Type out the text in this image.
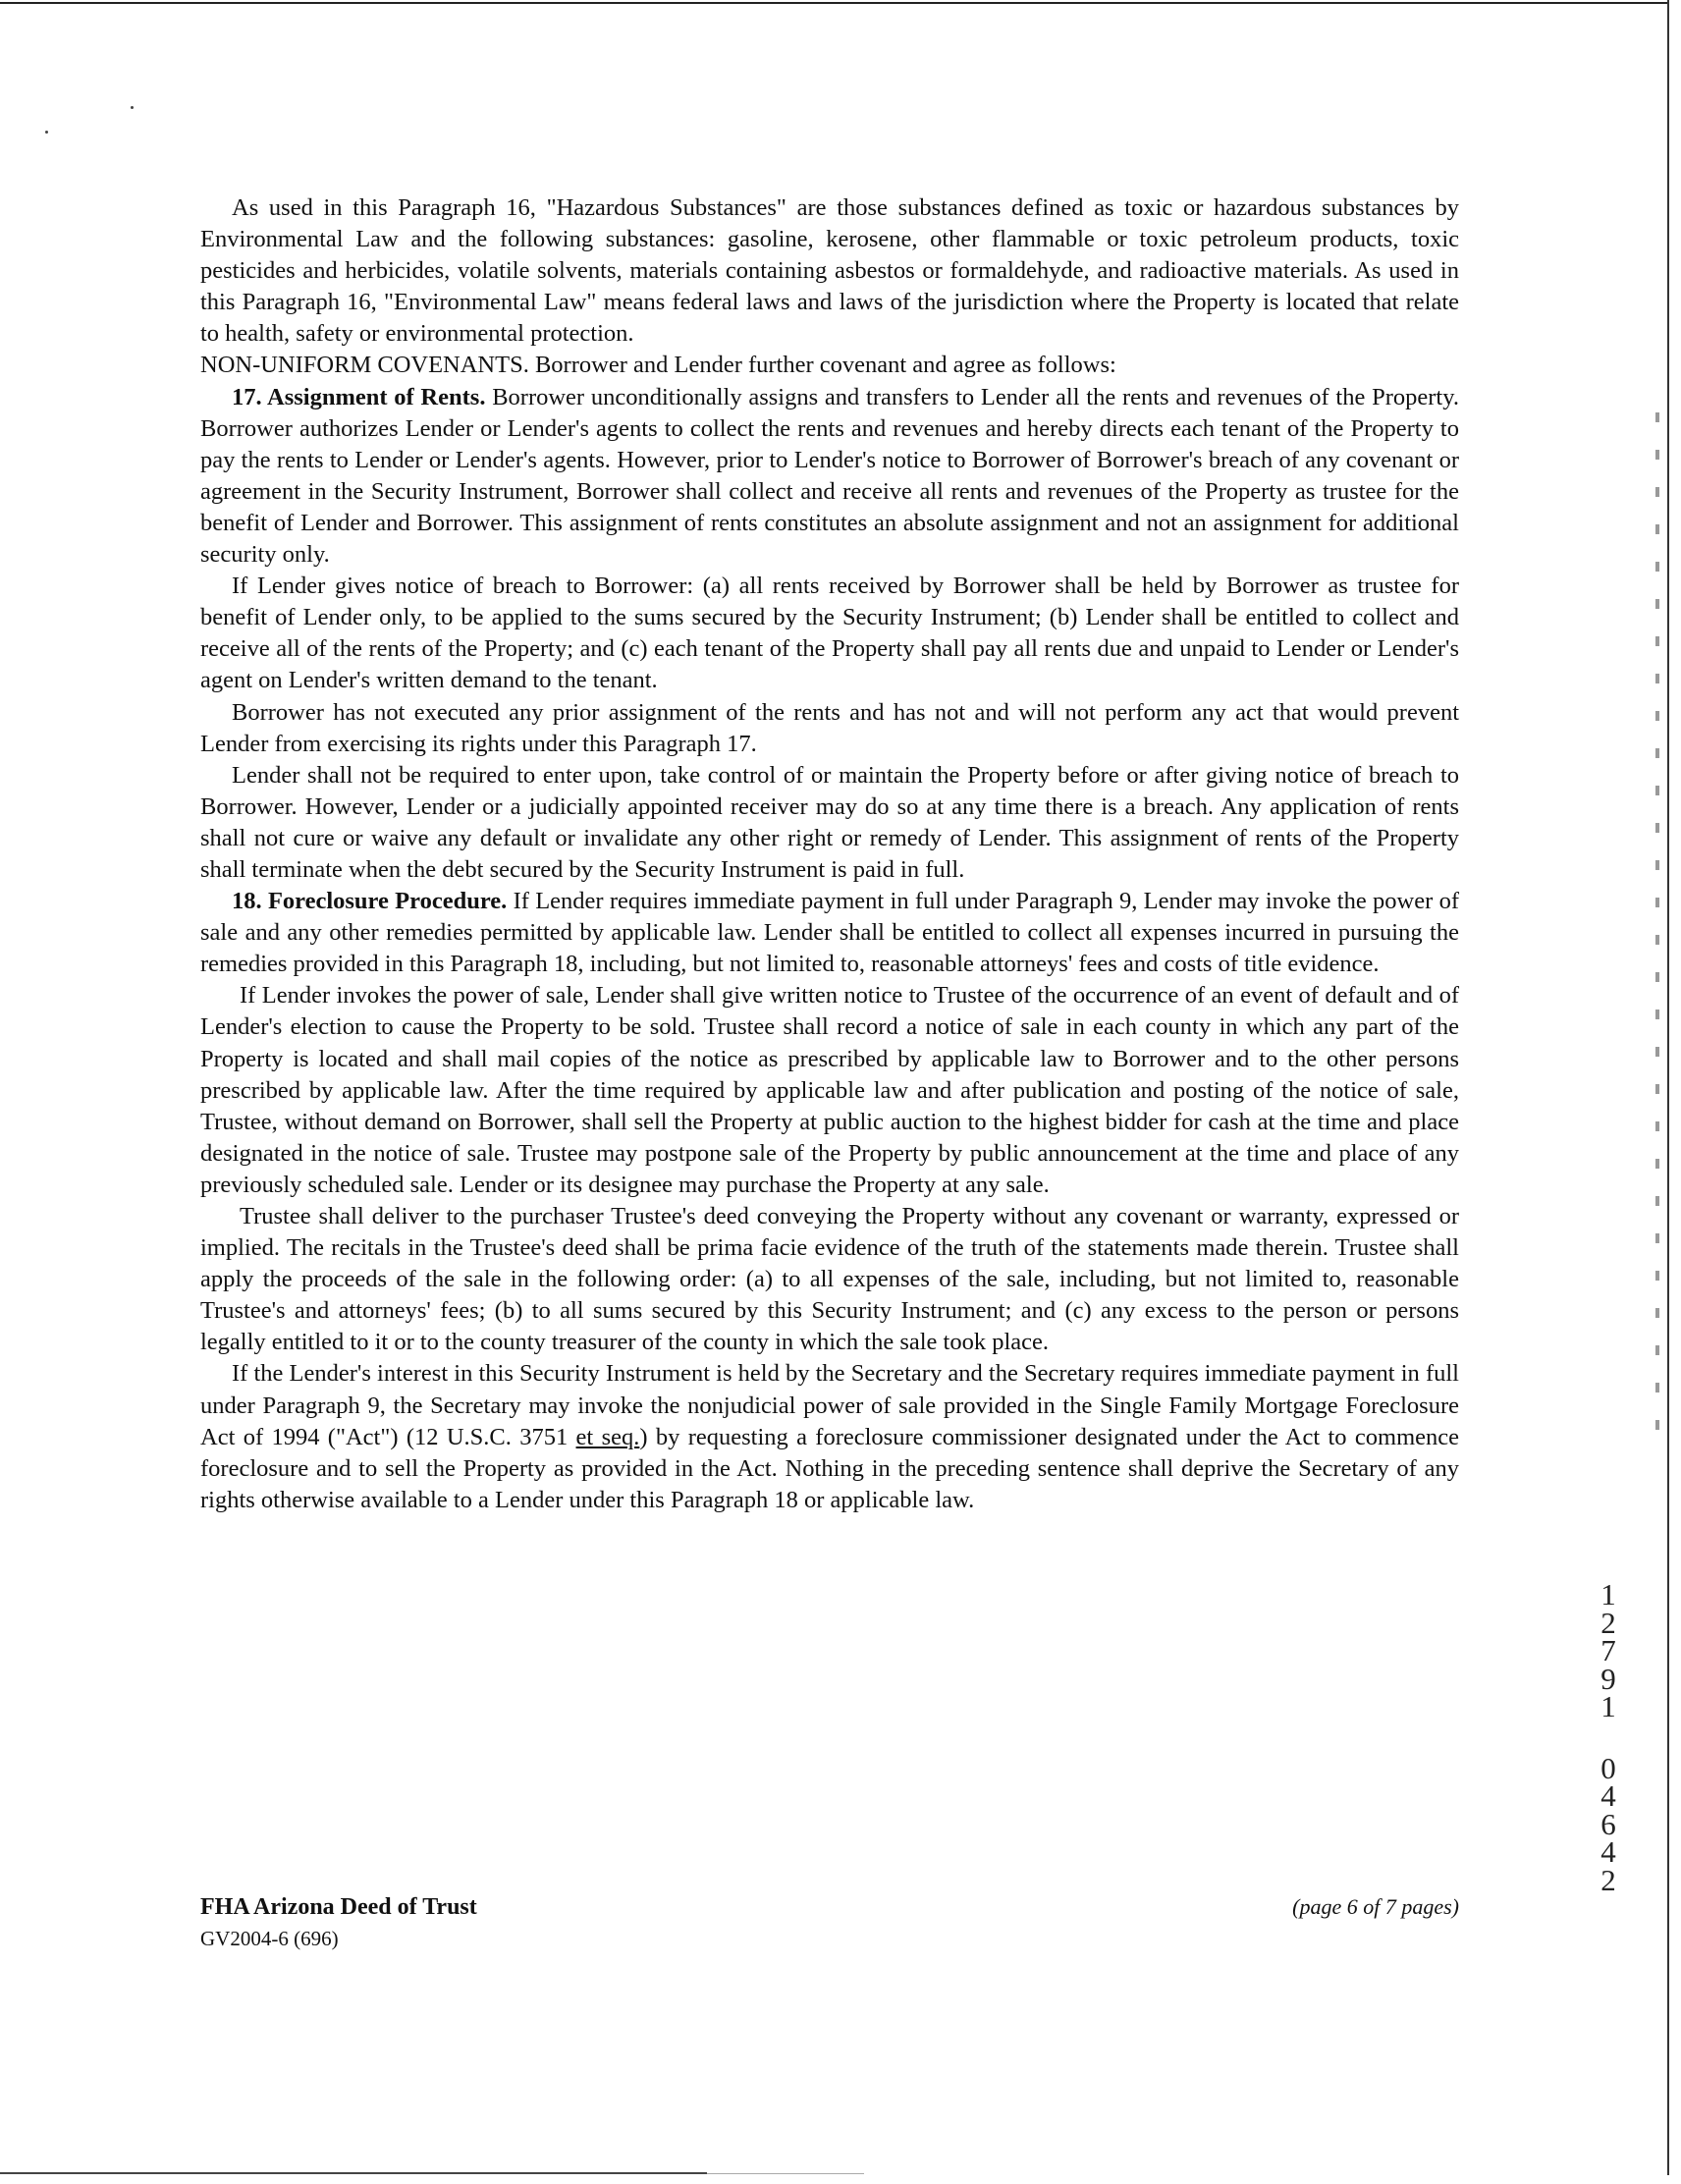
As used in this Paragraph 16, "Hazardous Substances" are those substances defined as toxic or hazardous substances by Environmental Law and the following substances: gasoline, kerosene, other flammable or toxic petroleum products, toxic pesticides and herbicides, volatile solvents, materials containing asbestos or formaldehyde, and radioactive materials. As used in this Paragraph 16, "Environmental Law" means federal laws and laws of the jurisdiction where the Property is located that relate to health, safety or environmental protection.

NON-UNIFORM COVENANTS. Borrower and Lender further covenant and agree as follows:

17. Assignment of Rents. Borrower unconditionally assigns and transfers to Lender all the rents and revenues of the Property. Borrower authorizes Lender or Lender's agents to collect the rents and revenues and hereby directs each tenant of the Property to pay the rents to Lender or Lender's agents. However, prior to Lender's notice to Borrower of Borrower's breach of any covenant or agreement in the Security Instrument, Borrower shall collect and receive all rents and revenues of the Property as trustee for the benefit of Lender and Borrower. This assignment of rents constitutes an absolute assignment and not an assignment for additional security only.

If Lender gives notice of breach to Borrower: (a) all rents received by Borrower shall be held by Borrower as trustee for benefit of Lender only, to be applied to the sums secured by the Security Instrument; (b) Lender shall be entitled to collect and receive all of the rents of the Property; and (c) each tenant of the Property shall pay all rents due and unpaid to Lender or Lender's agent on Lender's written demand to the tenant.

Borrower has not executed any prior assignment of the rents and has not and will not perform any act that would prevent Lender from exercising its rights under this Paragraph 17.

Lender shall not be required to enter upon, take control of or maintain the Property before or after giving notice of breach to Borrower. However, Lender or a judicially appointed receiver may do so at any time there is a breach. Any application of rents shall not cure or waive any default or invalidate any other right or remedy of Lender. This assignment of rents of the Property shall terminate when the debt secured by the Security Instrument is paid in full.

18. Foreclosure Procedure. If Lender requires immediate payment in full under Paragraph 9, Lender may invoke the power of sale and any other remedies permitted by applicable law. Lender shall be entitled to collect all expenses incurred in pursuing the remedies provided in this Paragraph 18, including, but not limited to, reasonable attorneys' fees and costs of title evidence.

If Lender invokes the power of sale, Lender shall give written notice to Trustee of the occurrence of an event of default and of Lender's election to cause the Property to be sold. Trustee shall record a notice of sale in each county in which any part of the Property is located and shall mail copies of the notice as prescribed by applicable law to Borrower and to the other persons prescribed by applicable law. After the time required by applicable law and after publication and posting of the notice of sale, Trustee, without demand on Borrower, shall sell the Property at public auction to the highest bidder for cash at the time and place designated in the notice of sale. Trustee may postpone sale of the Property by public announcement at the time and place of any previously scheduled sale. Lender or its designee may purchase the Property at any sale.

Trustee shall deliver to the purchaser Trustee's deed conveying the Property without any covenant or warranty, expressed or implied. The recitals in the Trustee's deed shall be prima facie evidence of the truth of the statements made therein. Trustee shall apply the proceeds of the sale in the following order: (a) to all expenses of the sale, including, but not limited to, reasonable Trustee's and attorneys' fees; (b) to all sums secured by this Security Instrument; and (c) any excess to the person or persons legally entitled to it or to the county treasurer of the county in which the sale took place.

If the Lender's interest in this Security Instrument is held by the Secretary and the Secretary requires immediate payment in full under Paragraph 9, the Secretary may invoke the nonjudicial power of sale provided in the Single Family Mortgage Foreclosure Act of 1994 ("Act") (12 U.S.C. 3751 et seq.) by requesting a foreclosure commissioner designated under the Act to commence foreclosure and to sell the Property as provided in the Act. Nothing in the preceding sentence shall deprive the Secretary of any rights otherwise available to a Lender under this Paragraph 18 or applicable law.

1
2
7
9
1
0
4
6
4
2
FHA Arizona Deed of Trust
GV2004-6 (696)
(page 6 of 7 pages)
